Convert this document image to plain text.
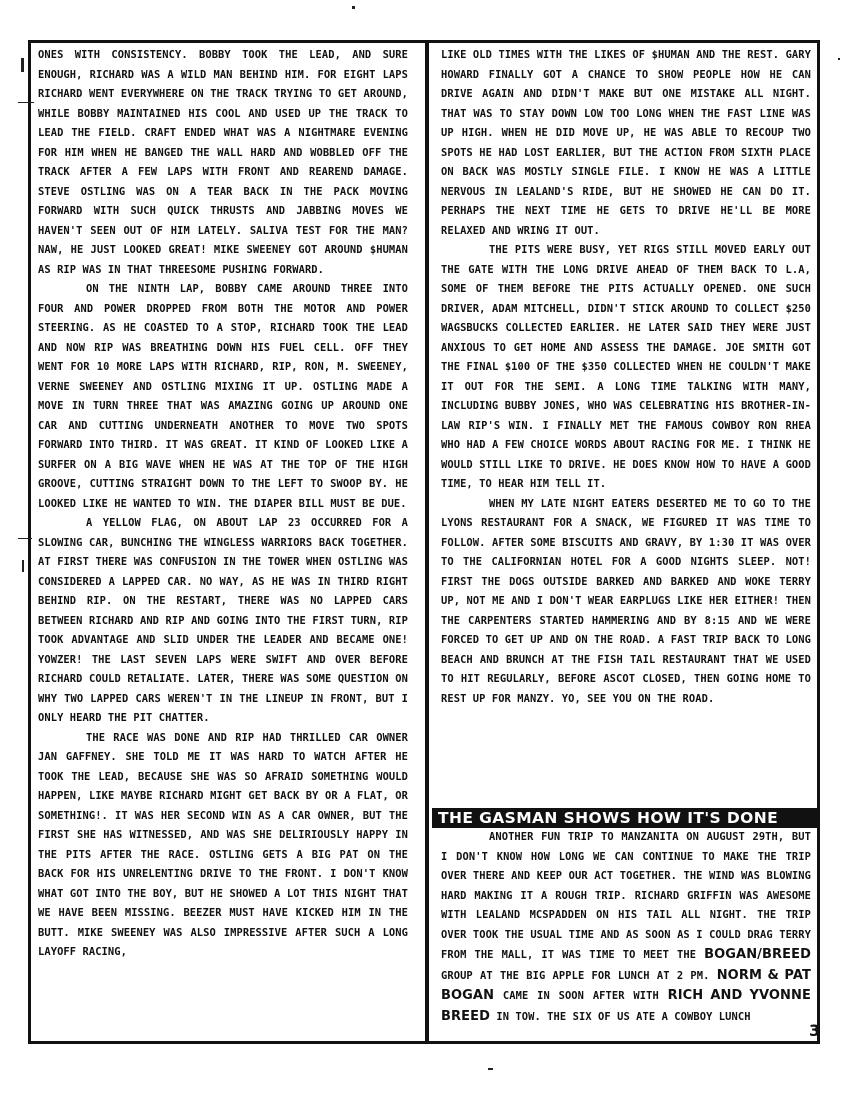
ONES WITH CONSISTENCY. BOBBY TOOK THE LEAD, AND SURE ENOUGH, RICHARD WAS A WILD MAN BEHIND HIM. FOR EIGHT LAPS RICHARD WENT EVERYWHERE ON THE TRACK TRYING TO GET AROUND, WHILE BOBBY MAINTAINED HIS COOL AND USED UP THE TRACK TO LEAD THE FIELD. CRAFT ENDED WHAT WAS A NIGHTMARE EVENING FOR HIM WHEN HE BANGED THE WALL HARD AND WOBBLED OFF THE TRACK AFTER A FEW LAPS WITH FRONT AND REAREND DAMAGE. STEVE OSTLING WAS ON A TEAR BACK IN THE PACK MOVING FORWARD WITH SUCH QUICK THRUSTS AND JABBING MOVES WE HAVEN'T SEEN OUT OF HIM LATELY. SALIVA TEST FOR THE MAN? NAW, HE JUST LOOKED GREAT! MIKE SWEENEY GOT AROUND $HUMAN AS RIP WAS IN THAT THREESOME PUSHING FORWARD.

ON THE NINTH LAP, BOBBY CAME AROUND THREE INTO FOUR AND POWER DROPPED FROM BOTH THE MOTOR AND POWER STEERING. AS HE COASTED TO A STOP, RICHARD TOOK THE LEAD AND NOW RIP WAS BREATHING DOWN HIS FUEL CELL. OFF THEY WENT FOR 10 MORE LAPS WITH RICHARD, RIP, RON, M. SWEENEY, VERNE SWEENEY AND OSTLING MIXING IT UP. OSTLING MADE A MOVE IN TURN THREE THAT WAS AMAZING GOING UP AROUND ONE CAR AND CUTTING UNDERNEATH ANOTHER TO MOVE TWO SPOTS FORWARD INTO THIRD. IT WAS GREAT. IT KIND OF LOOKED LIKE A SURFER ON A BIG WAVE WHEN HE WAS AT THE TOP OF THE HIGH GROOVE, CUTTING STRAIGHT DOWN TO THE LEFT TO SWOOP BY. HE LOOKED LIKE HE WANTED TO WIN. THE DIAPER BILL MUST BE DUE.

A YELLOW FLAG, ON ABOUT LAP 23 OCCURRED FOR A SLOWING CAR, BUNCHING THE WINGLESS WARRIORS BACK TOGETHER. AT FIRST THERE WAS CONFUSION IN THE TOWER WHEN OSTLING WAS CONSIDERED A LAPPED CAR. NO WAY, AS HE WAS IN THIRD RIGHT BEHIND RIP. ON THE RESTART, THERE WAS NO LAPPED CARS BETWEEN RICHARD AND RIP AND GOING INTO THE FIRST TURN, RIP TOOK ADVANTAGE AND SLID UNDER THE LEADER AND BECAME ONE! YOWZER! THE LAST SEVEN LAPS WERE SWIFT AND OVER BEFORE RICHARD COULD RETALIATE. LATER, THERE WAS SOME QUESTION ON WHY TWO LAPPED CARS WEREN'T IN THE LINEUP IN FRONT, BUT I ONLY HEARD THE PIT CHATTER.

THE RACE WAS DONE AND RIP HAD THRILLED CAR OWNER JAN GAFFNEY. SHE TOLD ME IT WAS HARD TO WATCH AFTER HE TOOK THE LEAD, BECAUSE SHE WAS SO AFRAID SOMETHING WOULD HAPPEN, LIKE MAYBE RICHARD MIGHT GET BACK BY OR A FLAT, OR SOMETHING!. IT WAS HER SECOND WIN AS A CAR OWNER, BUT THE FIRST SHE HAS WITNESSED, AND WAS SHE DELIRIOUSLY HAPPY IN THE PITS AFTER THE RACE. OSTLING GETS A BIG PAT ON THE BACK FOR HIS UNRELENTING DRIVE TO THE FRONT. I DON'T KNOW WHAT GOT INTO THE BOY, BUT HE SHOWED A LOT THIS NIGHT THAT WE HAVE BEEN MISSING. BEEZER MUST HAVE KICKED HIM IN THE BUTT. MIKE SWEENEY WAS ALSO IMPRESSIVE AFTER SUCH A LONG LAYOFF RACING,

LIKE OLD TIMES WITH THE LIKES OF $HUMAN AND THE REST. GARY HOWARD FINALLY GOT A CHANCE TO SHOW PEOPLE HOW HE CAN DRIVE AGAIN AND DIDN'T MAKE BUT ONE MISTAKE ALL NIGHT. THAT WAS TO STAY DOWN LOW TOO LONG WHEN THE FAST LINE WAS UP HIGH. WHEN HE DID MOVE UP, HE WAS ABLE TO RECOUP TWO SPOTS HE HAD LOST EARLIER, BUT THE ACTION FROM SIXTH PLACE ON BACK WAS MOSTLY SINGLE FILE. I KNOW HE WAS A LITTLE NERVOUS IN LEALAND'S RIDE, BUT HE SHOWED HE CAN DO IT. PERHAPS THE NEXT TIME HE GETS TO DRIVE HE'LL BE MORE RELAXED AND WRING IT OUT.

THE PITS WERE BUSY, YET RIGS STILL MOVED EARLY OUT THE GATE WITH THE LONG DRIVE AHEAD OF THEM BACK TO L.A, SOME OF THEM BEFORE THE PITS ACTUALLY OPENED. ONE SUCH DRIVER, ADAM MITCHELL, DIDN'T STICK AROUND TO COLLECT $250 WAGSBUCKS COLLECTED EARLIER. HE LATER SAID THEY WERE JUST ANXIOUS TO GET HOME AND ASSESS THE DAMAGE. JOE SMITH GOT THE FINAL $100 OF THE $350 COLLECTED WHEN HE COULDN'T MAKE IT OUT FOR THE SEMI. A LONG TIME TALKING WITH MANY, INCLUDING BUBBY JONES, WHO WAS CELEBRATING HIS BROTHER-IN- LAW RIP'S WIN. I FINALLY MET THE FAMOUS COWBOY RON RHEA WHO HAD A FEW CHOICE WORDS ABOUT RACING FOR ME. I THINK HE WOULD STILL LIKE TO DRIVE. HE DOES KNOW HOW TO HAVE A GOOD TIME, TO HEAR HIM TELL IT.

WHEN MY LATE NIGHT EATERS DESERTED ME TO GO TO THE LYONS RESTAURANT FOR A SNACK, WE FIGURED IT WAS TIME TO FOLLOW. AFTER SOME BISCUITS AND GRAVY, BY 1:30 IT WAS OVER TO THE CALIFORNIAN HOTEL FOR A GOOD NIGHTS SLEEP. NOT! FIRST THE DOGS OUTSIDE BARKED AND BARKED AND WOKE TERRY UP, NOT ME AND I DON'T WEAR EARPLUGS LIKE HER EITHER! THEN THE CARPENTERS STARTED HAMMERING AND BY 8:15 AND WE WERE FORCED TO GET UP AND ON THE ROAD. A FAST TRIP BACK TO LONG BEACH AND BRUNCH AT THE FISH TAIL RESTAURANT THAT WE USED TO HIT REGULARLY, BEFORE ASCOT CLOSED, THEN GOING HOME TO REST UP FOR MANZY. YO, SEE YOU ON THE ROAD.

THE GASMAN SHOWS HOW IT'S DONE

ANOTHER FUN TRIP TO MANZANITA ON AUGUST 29TH, BUT I DON'T KNOW HOW LONG WE CAN CONTINUE TO MAKE THE TRIP OVER THERE AND KEEP OUR ACT TOGETHER. THE WIND WAS BLOWING HARD MAKING IT A ROUGH TRIP. RICHARD GRIFFIN WAS AWESOME WITH LEALAND MCSPADDEN ON HIS TAIL ALL NIGHT. THE TRIP OVER TOOK THE USUAL TIME AND AS SOON AS I COULD DRAG TERRY FROM THE MALL, IT WAS TIME TO MEET THE BOGAN/BREED GROUP AT THE BIG APPLE FOR LUNCH AT 2 PM. NORM & PAT BOGAN CAME IN SOON AFTER WITH RICH AND YVONNE BREED IN TOW. THE SIX OF US ATE A COWBOY LUNCH

3
